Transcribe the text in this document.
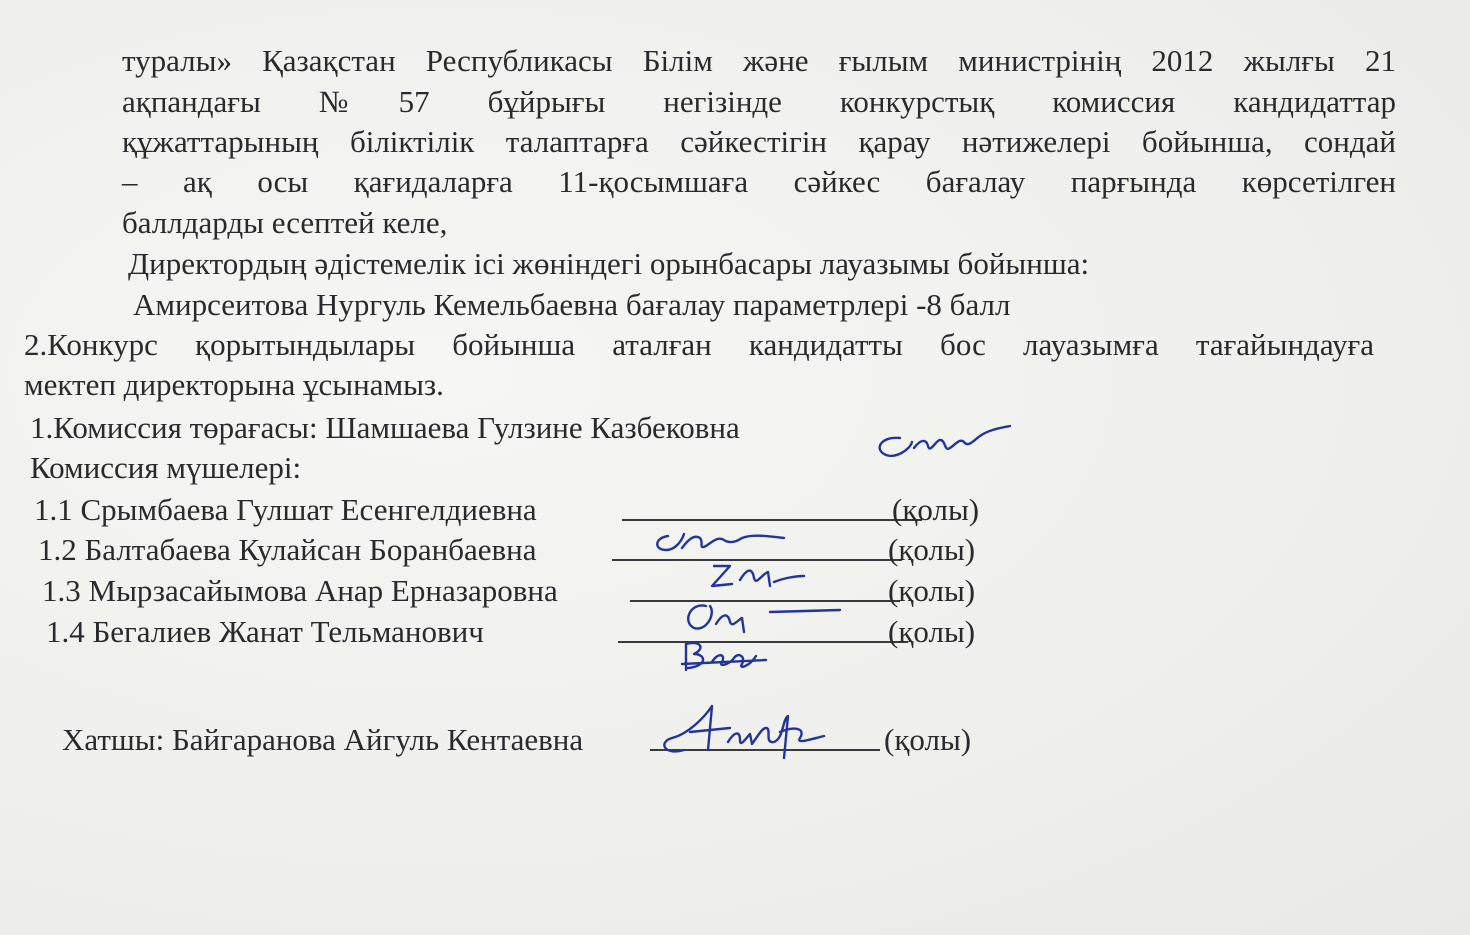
туралы» Қазақстан Республикасы Білім және ғылым министрінің 2012 жылғы 21
ақпандағы №57 бұйрығы негізінде конкурстық комиссия кандидаттар
құжаттарының біліктілік талаптарға сәйкестігін қарау нәтижелері бойынша, сондай
– ақ осы қағидаларға 11-қосымшаға сәйкес бағалау парғында көрсетілген
баллдарды есептей келе,
Директордың әдістемелік ісі жөніндегі орынбасары лауазымы бойынша:
Амирсеитова Нургуль Кемельбаевна бағалау параметрлері -8 балл
2.Конкурс қорытындылары бойынша аталған кандидатты бос лауазымға тағайындауға
мектеп директорына ұсынамыз.
1.Комиссия төрағасы: Шамшаева Гулзине Казбековна
Комиссия мүшелері:
1.1 Срымбаева Гулшат Есенгелдиевна	(қолы)
1.2 Балтабаева Кулайсан Боранбаевна	(қолы)
1.3 Мырзасайымова Анар Ерназаровна	(қолы)
1.4 Бегалиев Жанат Тельманович	(қолы)
Хатшы: Байгаранова Айгуль Кентаевна	(қолы)
